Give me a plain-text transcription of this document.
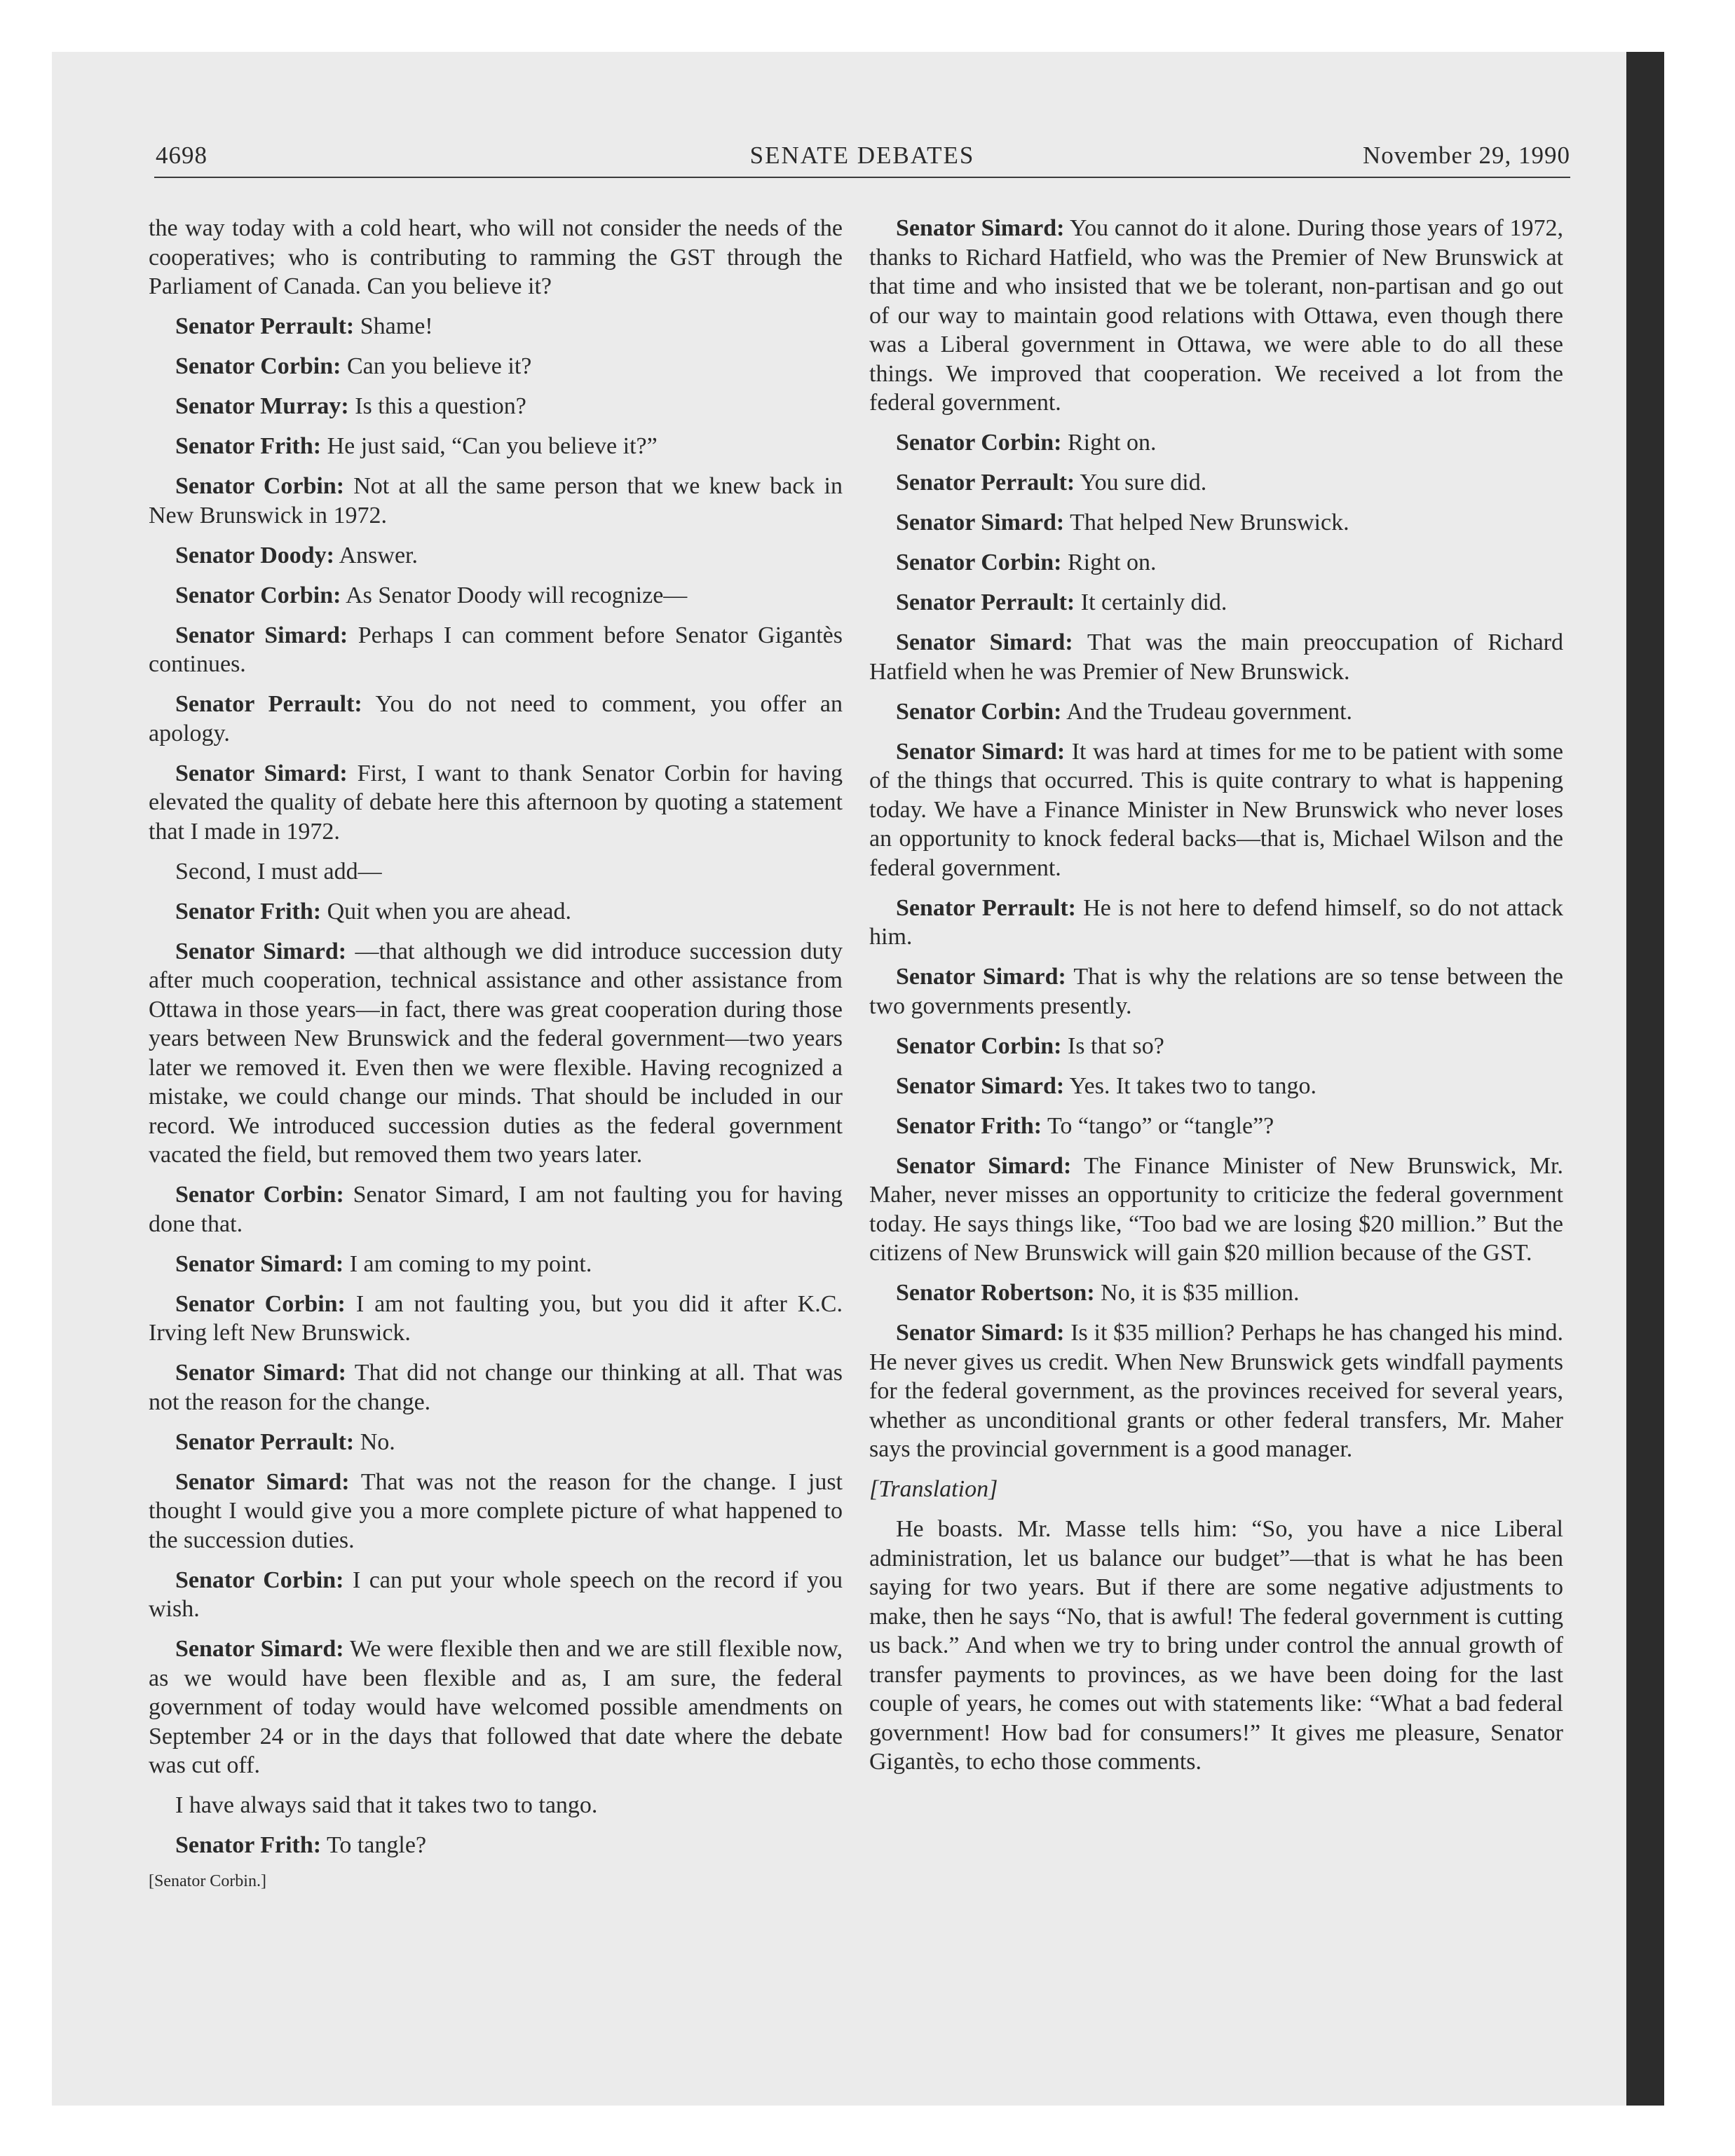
4698	SENATE DEBATES	November 29, 1990

the way today with a cold heart, who will not consider the needs of the cooperatives; who is contributing to ramming the GST through the Parliament of Canada. Can you believe it?

Senator Perrault: Shame!

Senator Corbin: Can you believe it?

Senator Murray: Is this a question?

Senator Frith: He just said, “Can you believe it?”

Senator Corbin: Not at all the same person that we knew back in New Brunswick in 1972.

Senator Doody: Answer.

Senator Corbin: As Senator Doody will recognize—

Senator Simard: Perhaps I can comment before Senator Gigantès continues.

Senator Perrault: You do not need to comment, you offer an apology.

Senator Simard: First, I want to thank Senator Corbin for having elevated the quality of debate here this afternoon by quoting a statement that I made in 1972.

Second, I must add—

Senator Frith: Quit when you are ahead.

Senator Simard: —that although we did introduce succession duty after much cooperation, technical assistance and other assistance from Ottawa in those years—in fact, there was great cooperation during those years between New Brunswick and the federal government—two years later we removed it. Even then we were flexible. Having recognized a mistake, we could change our minds. That should be included in our record. We introduced succession duties as the federal government vacated the field, but removed them two years later.

Senator Corbin: Senator Simard, I am not faulting you for having done that.

Senator Simard: I am coming to my point.

Senator Corbin: I am not faulting you, but you did it after K.C. Irving left New Brunswick.

Senator Simard: That did not change our thinking at all. That was not the reason for the change.

Senator Perrault: No.

Senator Simard: That was not the reason for the change. I just thought I would give you a more complete picture of what happened to the succession duties.

Senator Corbin: I can put your whole speech on the record if you wish.

Senator Simard: We were flexible then and we are still flexible now, as we would have been flexible and as, I am sure, the federal government of today would have welcomed possible amendments on September 24 or in the days that followed that date where the debate was cut off.

I have always said that it takes two to tango.

Senator Frith: To tangle?

[Senator Corbin.]

Senator Simard: You cannot do it alone. During those years of 1972, thanks to Richard Hatfield, who was the Premier of New Brunswick at that time and who insisted that we be tolerant, non-partisan and go out of our way to maintain good relations with Ottawa, even though there was a Liberal government in Ottawa, we were able to do all these things. We improved that cooperation. We received a lot from the federal government.

Senator Corbin: Right on.

Senator Perrault: You sure did.

Senator Simard: That helped New Brunswick.

Senator Corbin: Right on.

Senator Perrault: It certainly did.

Senator Simard: That was the main preoccupation of Richard Hatfield when he was Premier of New Brunswick.

Senator Corbin: And the Trudeau government.

Senator Simard: It was hard at times for me to be patient with some of the things that occurred. This is quite contrary to what is happening today. We have a Finance Minister in New Brunswick who never loses an opportunity to knock federal backs—that is, Michael Wilson and the federal government.

Senator Perrault: He is not here to defend himself, so do not attack him.

Senator Simard: That is why the relations are so tense between the two governments presently.

Senator Corbin: Is that so?

Senator Simard: Yes. It takes two to tango.

Senator Frith: To “tango” or “tangle”?

Senator Simard: The Finance Minister of New Brunswick, Mr. Maher, never misses an opportunity to criticize the federal government today. He says things like, “Too bad we are losing $20 million.” But the citizens of New Brunswick will gain $20 million because of the GST.

Senator Robertson: No, it is $35 million.

Senator Simard: Is it $35 million? Perhaps he has changed his mind. He never gives us credit. When New Brunswick gets windfall payments for the federal government, as the provinces received for several years, whether as unconditional grants or other federal transfers, Mr. Maher says the provincial government is a good manager.

[Translation]

He boasts. Mr. Masse tells him: “So, you have a nice Liberal administration, let us balance our budget”—that is what he has been saying for two years. But if there are some negative adjustments to make, then he says “No, that is awful! The federal government is cutting us back.” And when we try to bring under control the annual growth of transfer payments to provinces, as we have been doing for the last couple of years, he comes out with statements like: “What a bad federal government! How bad for consumers!” It gives me pleasure, Senator Gigantès, to echo those comments.
